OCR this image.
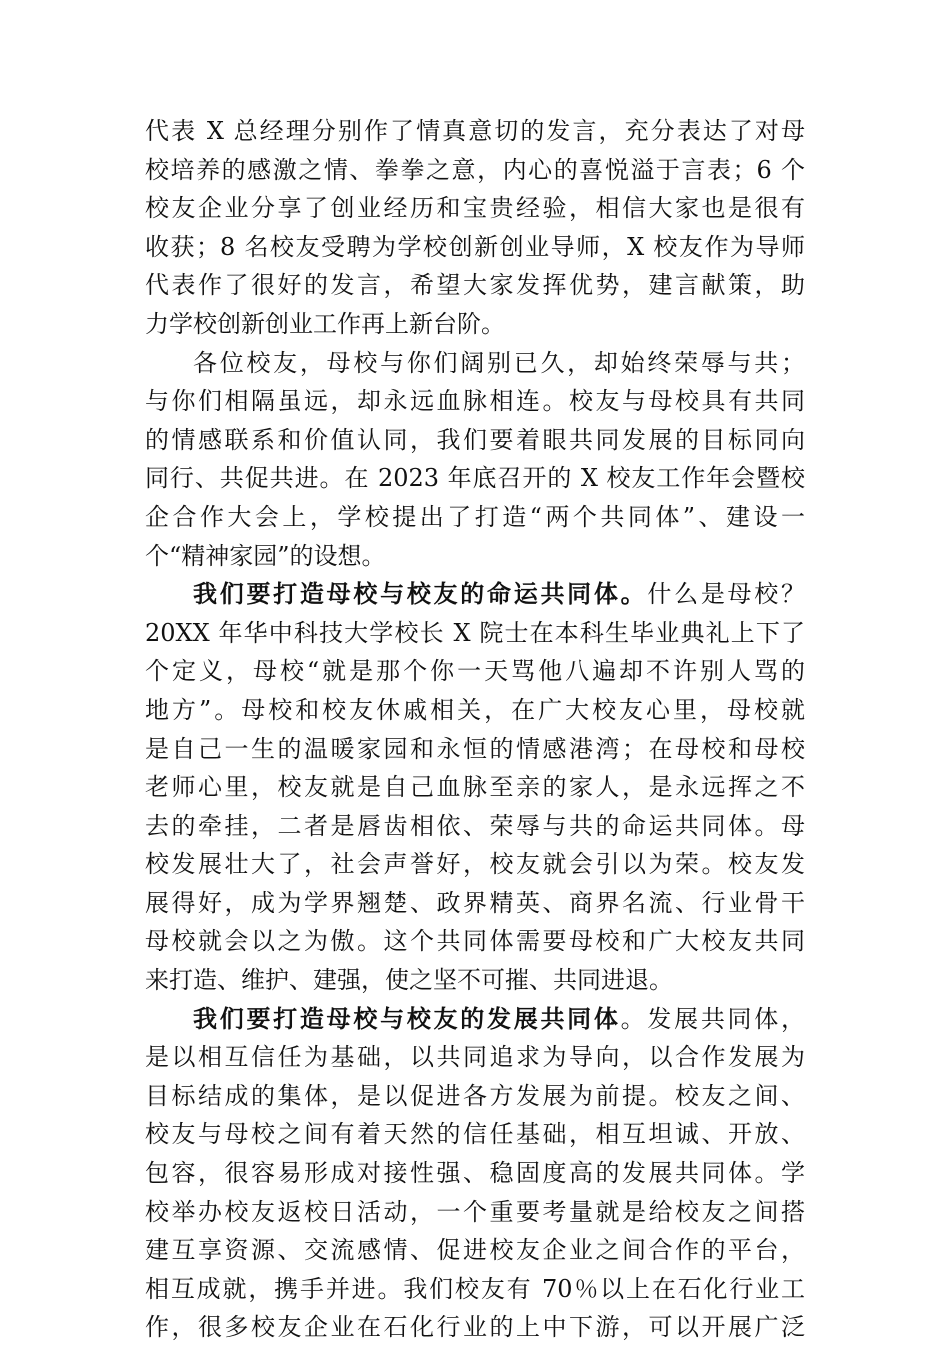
代表 X 总经理分别作了情真意切的发言，充分表达了对母
校培养的感激之情、拳拳之意，内心的喜悦溢于言表；6 个
校友企业分享了创业经历和宝贵经验，相信大家也是很有
收获；8 名校友受聘为学校创新创业导师，X 校友作为导师
代表作了很好的发言，希望大家发挥优势，建言献策，助
力学校创新创业工作再上新台阶。
各位校友，母校与你们阔别已久，却始终荣辱与共；
与你们相隔虽远，却永远血脉相连。校友与母校具有共同
的情感联系和价值认同，我们要着眼共同发展的目标同向
同行、共促共进。在 2023 年底召开的 X 校友工作年会暨校
企合作大会上，学校提出了打造“两个共同体”、建设一
个“精神家园”的设想。
我们要打造母校与校友的命运共同体。什么是母校？
20XX 年华中科技大学校长 X 院士在本科生毕业典礼上下了
个定义，母校“就是那个你一天骂他八遍却不许别人骂的
地方”。母校和校友休戚相关，在广大校友心里，母校就
是自己一生的温暖家园和永恒的情感港湾；在母校和母校
老师心里，校友就是自己血脉至亲的家人，是永远挥之不
去的牵挂，二者是唇齿相依、荣辱与共的命运共同体。母
校发展壮大了，社会声誉好，校友就会引以为荣。校友发
展得好，成为学界翘楚、政界精英、商界名流、行业骨干
母校就会以之为傲。这个共同体需要母校和广大校友共同
来打造、维护、建强，使之坚不可摧、共同进退。
我们要打造母校与校友的发展共同体。发展共同体，
是以相互信任为基础，以共同追求为导向，以合作发展为
目标结成的集体，是以促进各方发展为前提。校友之间、
校友与母校之间有着天然的信任基础，相互坦诚、开放、
包容，很容易形成对接性强、稳固度高的发展共同体。学
校举办校友返校日活动，一个重要考量就是给校友之间搭
建互享资源、交流感情、促进校友企业之间合作的平台，
相互成就，携手并进。我们校友有 70％以上在石化行业工
作，很多校友企业在石化行业的上中下游，可以开展广泛
